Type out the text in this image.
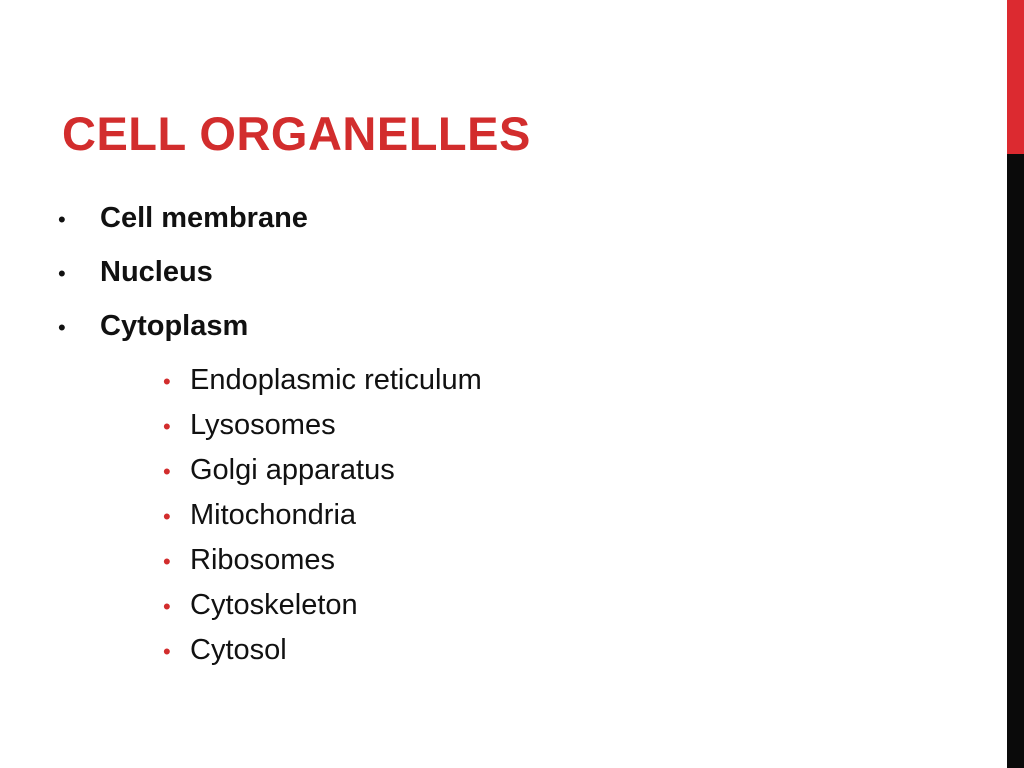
CELL ORGANELLES
•	Cell membrane
•	Nucleus
•	Cytoplasm
• Endoplasmic reticulum
• Lysosomes
• Golgi apparatus
• Mitochondria
• Ribosomes
• Cytoskeleton
• Cytosol
